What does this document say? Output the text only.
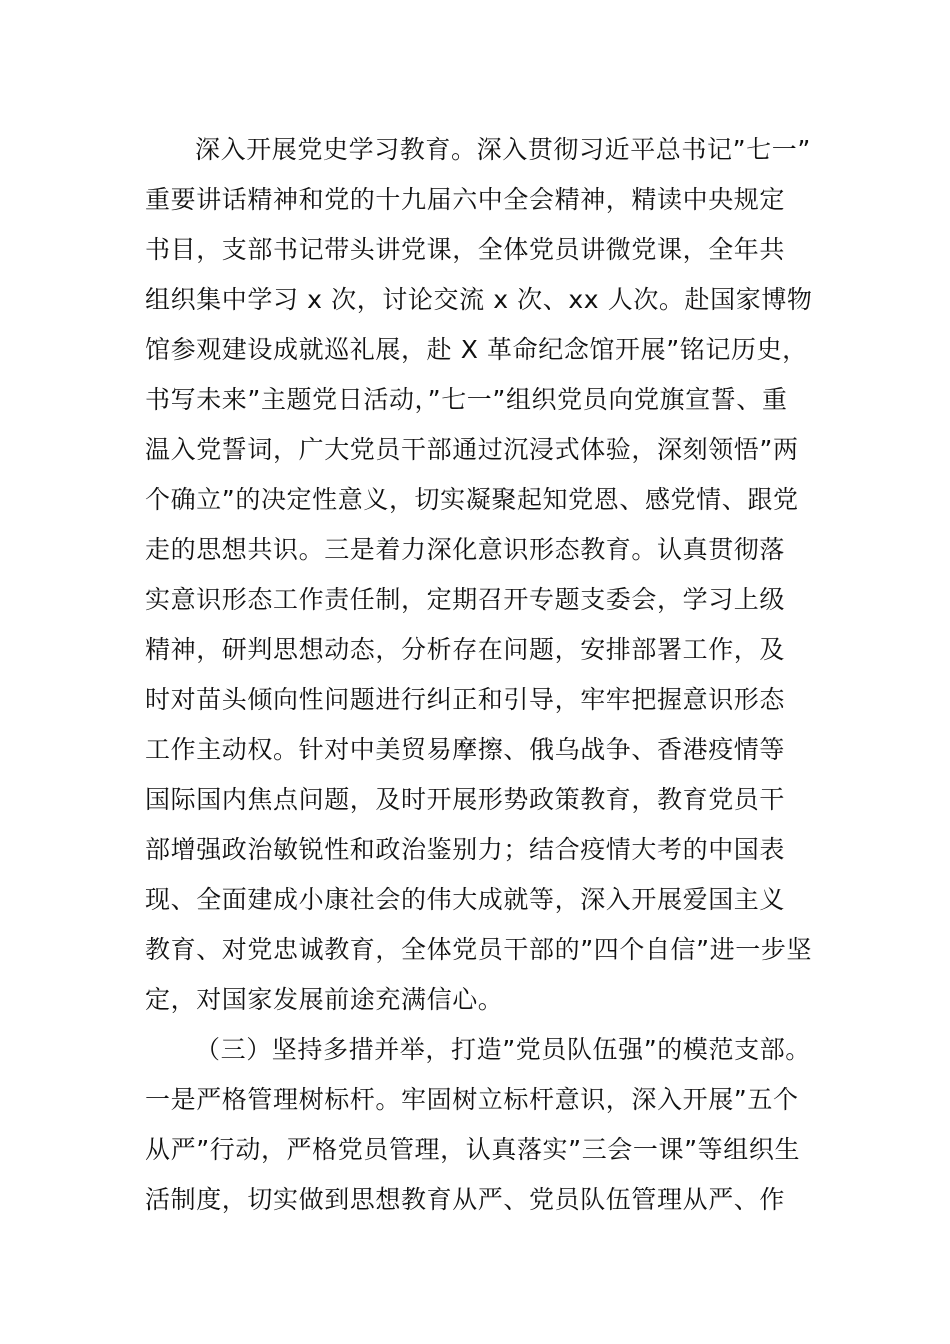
深入开展党史学习教育。深入贯彻习近平总书记”七一”
重要讲话精神和党的十九届六中全会精神，精读中央规定
书目，支部书记带头讲党课，全体党员讲微党课，全年共
组织集中学习 x 次，讨论交流 x 次、xx 人次。赴国家博物
馆参观建设成就巡礼展，赴 X 革命纪念馆开展”铭记历史，
书写未来”主题党日活动，”七一”组织党员向党旗宣誓、重
温入党誓词，广大党员干部通过沉浸式体验，深刻领悟”两
个确立”的决定性意义，切实凝聚起知党恩、感党情、跟党
走的思想共识。三是着力深化意识形态教育。认真贯彻落
实意识形态工作责任制，定期召开专题支委会，学习上级
精神，研判思想动态，分析存在问题，安排部署工作，及
时对苗头倾向性问题进行纠正和引导，牢牢把握意识形态
工作主动权。针对中美贸易摩擦、俄乌战争、香港疫情等
国际国内焦点问题，及时开展形势政策教育，教育党员干
部增强政治敏锐性和政治鉴别力；结合疫情大考的中国表
现、全面建成小康社会的伟大成就等，深入开展爱国主义
教育、对党忠诚教育，全体党员干部的”四个自信”进一步坚
定，对国家发展前途充满信心。
（三）坚持多措并举，打造”党员队伍强”的模范支部。
一是严格管理树标杆。牢固树立标杆意识，深入开展”五个
从严”行动，严格党员管理，认真落实”三会一课”等组织生
活制度，切实做到思想教育从严、党员队伍管理从严、作
